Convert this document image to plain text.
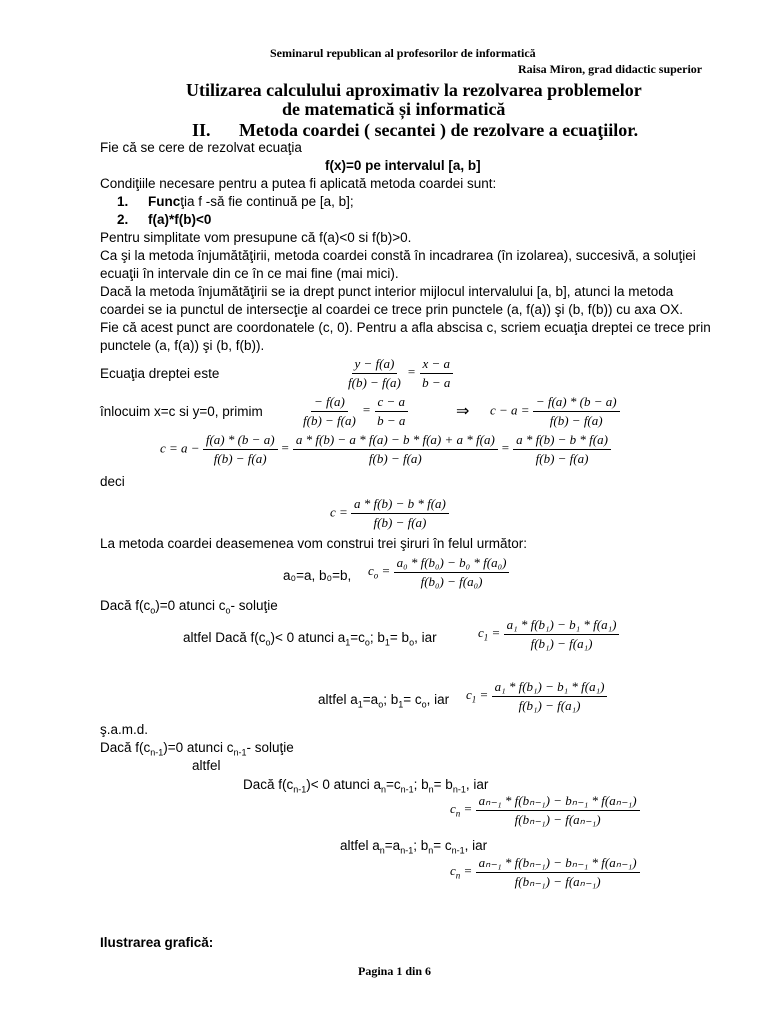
Seminarul republican al profesorilor de informatică
Raisa Miron, grad didactic superior
Utilizarea calculului aproximativ la rezolvarea problemelor
de matematică și informatică
II. Metoda coardei ( secantei ) de rezolvare a ecuaţiilor.
Fie că se cere de rezolvat ecuaţia
f(x)=0 pe intervalul [a, b]
Condiţiile necesare pentru a putea fi aplicată metoda coardei sunt:
1. Funcţia f -să fie continuă pe [a, b];
2. f(a)*f(b)<0
Pentru simplitate vom presupune că f(a)<0 si f(b)>0.
Ca şi la metoda înjumătăţirii, metoda coardei constă în incadrarea (în izolarea), succesivă, a soluţiei
ecuaţii în intervale din ce în ce mai fine (mai mici).
Dacă la metoda înjumătăţirii se ia drept punct interior mijlocul intervalului [a, b], atunci la metoda
coardei se ia punctul de intersecţie al coardei ce trece prin punctele (a, f(a)) şi (b, f(b)) cu axa OX.
Fie că acest punct are coordonatele (c, 0). Pentru a afla abscisa c, scriem ecuaţia dreptei ce trece prin
punctele (a, f(a)) şi (b, f(b)).
Ecuaţia dreptei este	$\frac{y - f(a)}{f(b) - f(a)} = \frac{x - a}{b - a}$
înlocuim x=c si y=0, primim	$\frac{- f(a)}{f(b) - f(a)} = \frac{c - a}{b - a}$	⇒ $c - a = \frac{- f(a) * (b - a)}{f(b) - f(a)}$
$c = a - \frac{f(a) * (b - a)}{f(b) - f(a)} = \frac{a * f(b) - a * f(a) - b * f(a) + a * f(a)}{f(b) - f(a)} = \frac{a * f(b) - b * f(a)}{f(b) - f(a)}$
deci
$c = \frac{a * f(b) - b * f(a)}{f(b) - f(a)}$
La metoda coardei deasemenea vom construi trei şiruri în felul următor:
a₀=a, b₀=b, $c_o = \frac{\text{a₀ * f(b₀) − b₀ * f(a₀)}}{\text{f(b₀) − f(a₀)}}$
Dacă $f(c_o)=0$ atunci $c_o-$ soluţie
altfel Dacă $f(c_o)< 0$ atunci $a_1=c_o$; $b_1= b_o$, iar	$c_1 = \frac{\text{a₁ * f(b₁) − b₁ * f(a₁)}}{\text{f(b₁) − f(a₁)}}$
altfel $a_1=a_o$; $b_1= c_o$, iar $c_1 = \frac{\text{a₁ * f(b₁) − b₁ * f(a₁)}}{\text{f(b₁) − f(a₁)}}$
ş.a.m.d.
Dacă $f(c_{n-1})=0$ atunci $c_{n-1}-$ soluţie
altfel
Dacă $f(c_{n-1})< 0$ atunci $a_n=c_{n-1}$; $b_n= b_{n-1}$, iar
$c_n = \frac{\text{aₙ₋₁ * f(bₙ₋₁) − bₙ₋₁ * f(aₙ₋₁)}}{\text{f(bₙ₋₁) − f(aₙ₋₁)}}$
altfel $a_n=a_{n-1}$; $b_n= c_{n-1}$, iar
$c_n = \frac{\text{aₙ₋₁ * f(bₙ₋₁) − bₙ₋₁ * f(aₙ₋₁)}}{\text{f(bₙ₋₁) − f(aₙ₋₁)}}$
Ilustrarea grafică:
Pagina 1 din 6
